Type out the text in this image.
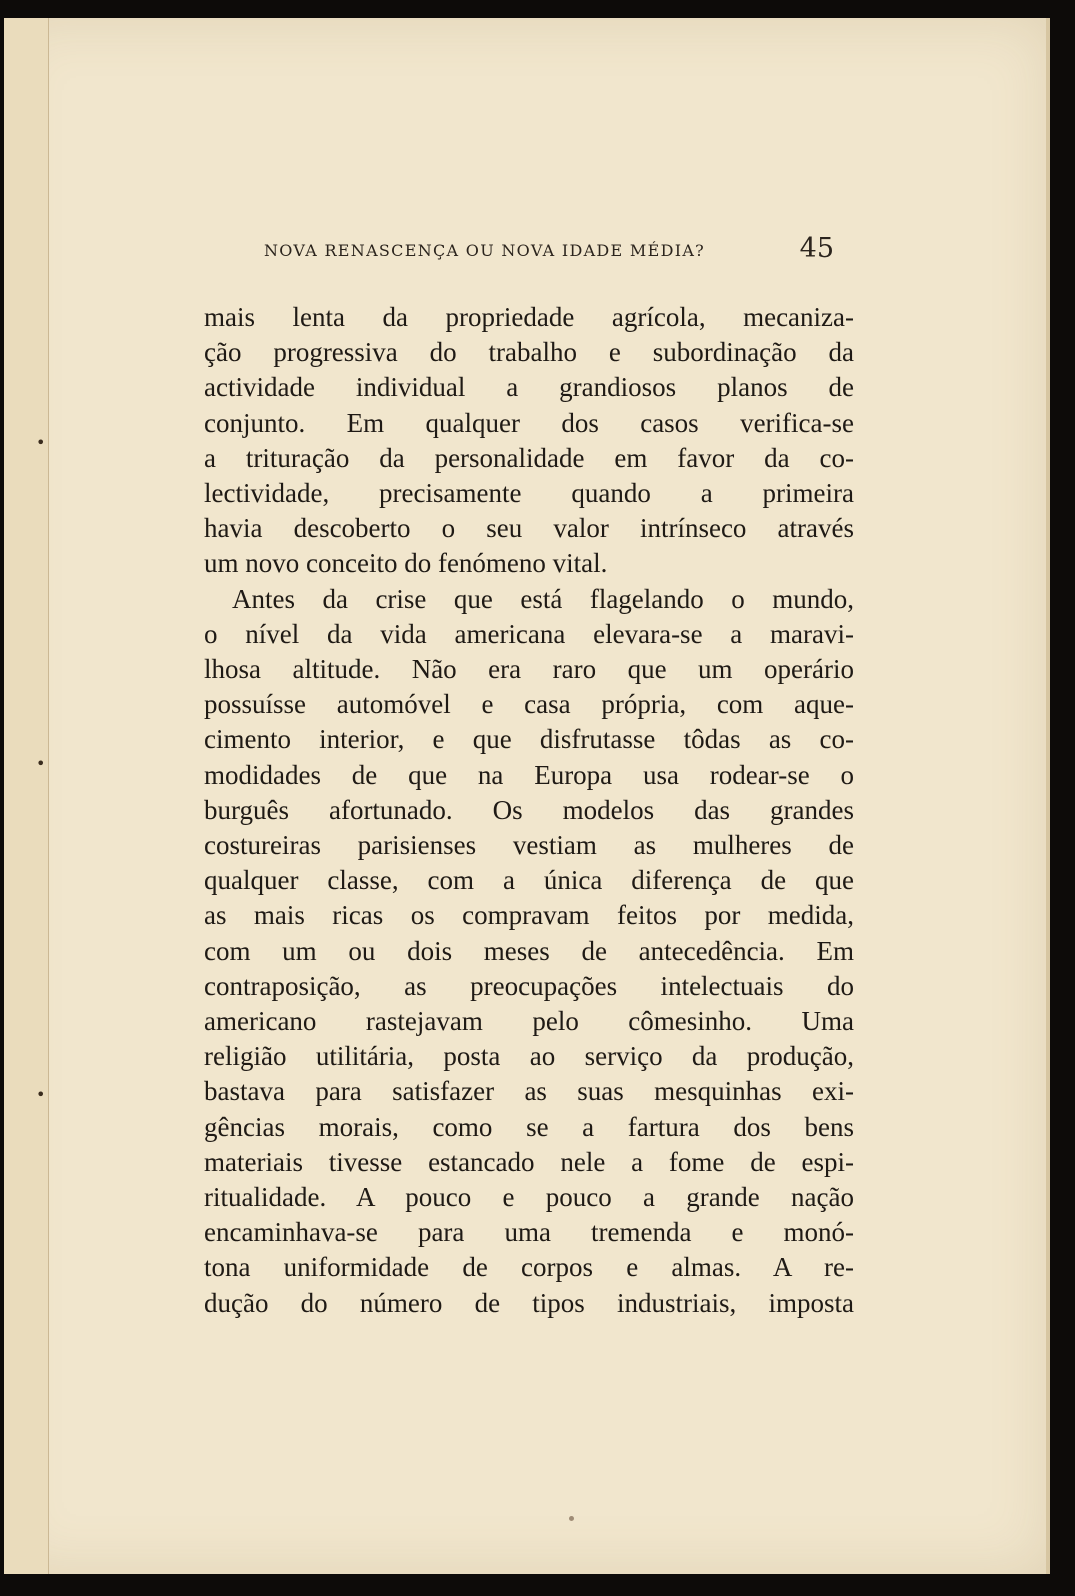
•
•
•
NOVA RENASCENÇA OU NOVA IDADE MÉDIA?	45

mais lenta da propriedade agrícola, mecaniza-
ção progressiva do trabalho e subordinação da
actividade individual a grandiosos planos de
conjunto. Em qualquer dos casos verifica-se
a trituração da personalidade em favor da co-
lectividade, precisamente quando a primeira
havia descoberto o seu valor intrínseco através
um novo conceito do fenómeno vital.
Antes da crise que está flagelando o mundo,
o nível da vida americana elevara-se a maravi-
lhosa altitude. Não era raro que um operário
possuísse automóvel e casa própria, com aque-
cimento interior, e que disfrutasse tôdas as co-
modidades de que na Europa usa rodear-se o
burguês afortunado. Os modelos das grandes
costureiras parisienses vestiam as mulheres de
qualquer classe, com a única diferença de que
as mais ricas os compravam feitos por medida,
com um ou dois meses de antecedência. Em
contraposição, as preocupações intelectuais do
americano rastejavam pelo cômesinho. Uma
religião utilitária, posta ao serviço da produção,
bastava para satisfazer as suas mesquinhas exi-
gências morais, como se a fartura dos bens
materiais tivesse estancado nele a fome de espi-
ritualidade. A pouco e pouco a grande nação
encaminhava-se para uma tremenda e monó-
tona uniformidade de corpos e almas. A re-
dução do número de tipos industriais, imposta
